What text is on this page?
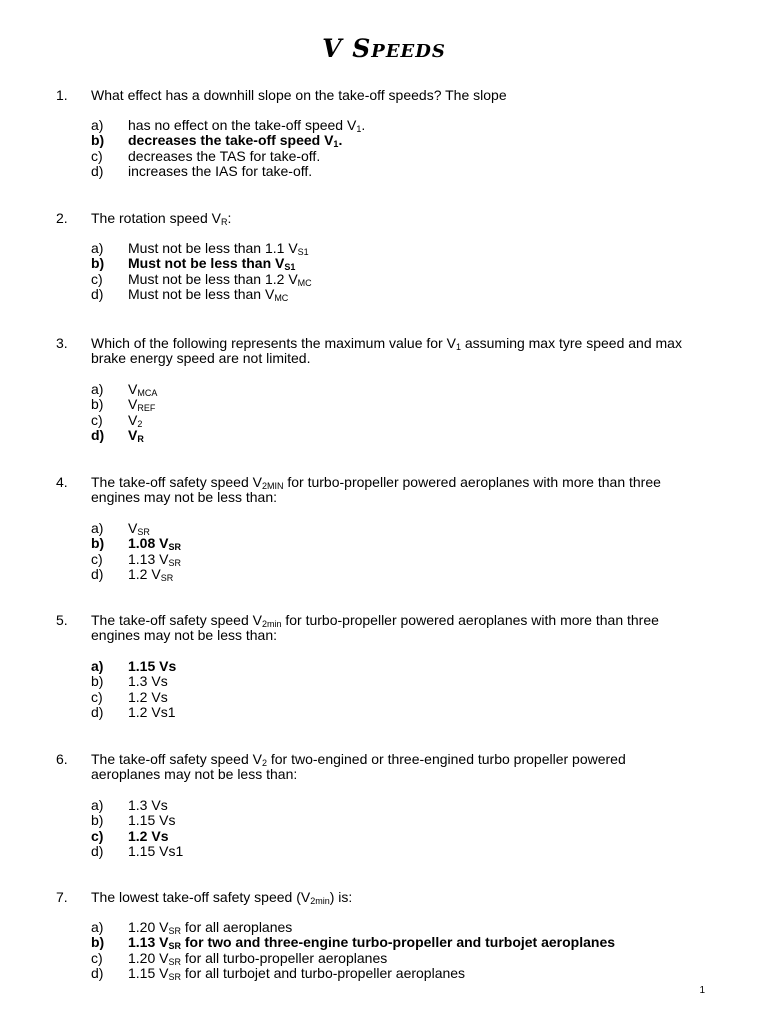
V Speeds
1. What effect has a downhill slope on the take-off speeds? The slope
a) has no effect on the take-off speed $V_1$.
b) decreases the take-off speed $V_1$.
c) decreases the TAS for take-off.
d) increases the IAS for take-off.
2. The rotation speed $V_R$:
a) Must not be less than 1.1 $V_{S1}$
b) Must not be less than $V_{S1}$
c) Must not be less than 1.2 $V_{MC}$
d) Must not be less than $V_{MC}$
3. Which of the following represents the maximum value for $V_1$ assuming max tyre speed and max brake energy speed are not limited.
a) $V_{MCA}$
b) $V_{REF}$
c) $V_2$
d) $V_R$
4. The take-off safety speed $V_{2MIN}$ for turbo-propeller powered aeroplanes with more than three engines may not be less than:
a) $V_{SR}$
b) 1.08 $V_{SR}$
c) 1.13 $V_{SR}$
d) 1.2 $V_{SR}$
5. The take-off safety speed $V_{2min}$ for turbo-propeller powered aeroplanes with more than three engines may not be less than:
a) 1.15 Vs
b) 1.3 Vs
c) 1.2 Vs
d) 1.2 Vs1
6. The take-off safety speed $V_2$ for two-engined or three-engined turbo propeller powered aeroplanes may not be less than:
a) 1.3 Vs
b) 1.15 Vs
c) 1.2 Vs
d) 1.15 Vs1
7. The lowest take-off safety speed $(V_{2min})$ is:
a) 1.20 $V_{SR}$ for all aeroplanes
b) 1.13 $V_{SR}$ for two and three-engine turbo-propeller and turbojet aeroplanes
c) 1.20 $V_{SR}$ for all turbo-propeller aeroplanes
d) 1.15 $V_{SR}$ for all turbojet and turbo-propeller aeroplanes
1
